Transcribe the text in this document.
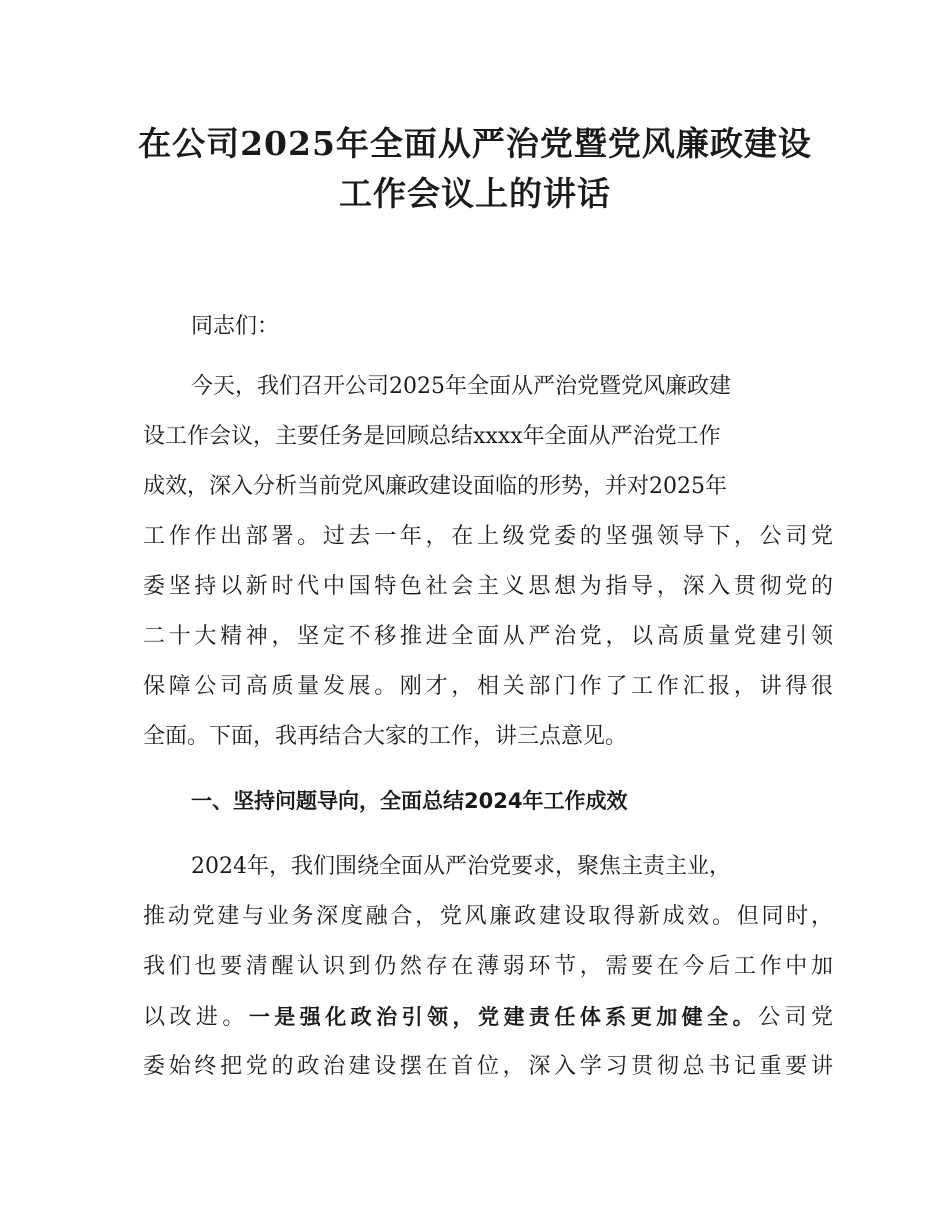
在公司2025年全面从严治党暨党风廉政建设
工作会议上的讲话

同志们：

今天，我们召开公司2025年全面从严治党暨党风廉政建

设工作会议，主要任务是回顾总结xxxx年全面从严治党工作

成效，深入分析当前党风廉政建设面临的形势，并对2025年

工作作出部署。过去一年，在上级党委的坚强领导下，公司党

委坚持以新时代中国特色社会主义思想为指导，深入贯彻党的

二十大精神，坚定不移推进全面从严治党，以高质量党建引领

保障公司高质量发展。刚才，相关部门作了工作汇报，讲得很

全面。下面，我再结合大家的工作，讲三点意见。

一、坚持问题导向，全面总结2024年工作成效

2024年，我们围绕全面从严治党要求，聚焦主责主业，

推动党建与业务深度融合，党风廉政建设取得新成效。但同时，

我们也要清醒认识到仍然存在薄弱环节，需要在今后工作中加

以改进。一是强化政治引领，党建责任体系更加健全。公司党

委始终把党的政治建设摆在首位，深入学习贯彻总书记重要讲
